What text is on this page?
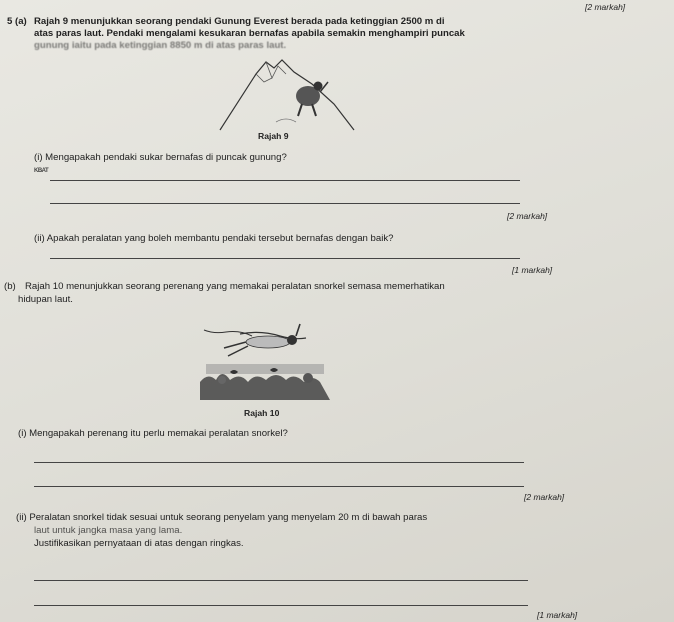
[2 markah]
5 (a) Rajah 9 menunjukkan seorang pendaki Gunung Everest berada pada ketinggian 2500 m di
atas paras laut. Pendaki mengalami kesukaran bernafas apabila semakin menghampiri puncak
gunung iaitu pada ketinggian 8850 m di atas paras laut.
Rajah 9
(i) Mengapakah pendaki sukar bernafas di puncak gunung?
KBAT
[2 markah]
(ii) Apakah peralatan yang boleh membantu pendaki tersebut bernafas dengan baik?
[1 markah]
(b) Rajah 10 menunjukkan seorang perenang yang memakai peralatan snorkel semasa memerhatikan
hidupan laut.
Rajah 10
(i) Mengapakah perenang itu perlu memakai peralatan snorkel?
[2 markah]
(ii) Peralatan snorkel tidak sesuai untuk seorang penyelam yang menyelam 20 m di bawah paras
laut untuk jangka masa yang lama.
Justifikasikan pernyataan di atas dengan ringkas.
[1 markah]
